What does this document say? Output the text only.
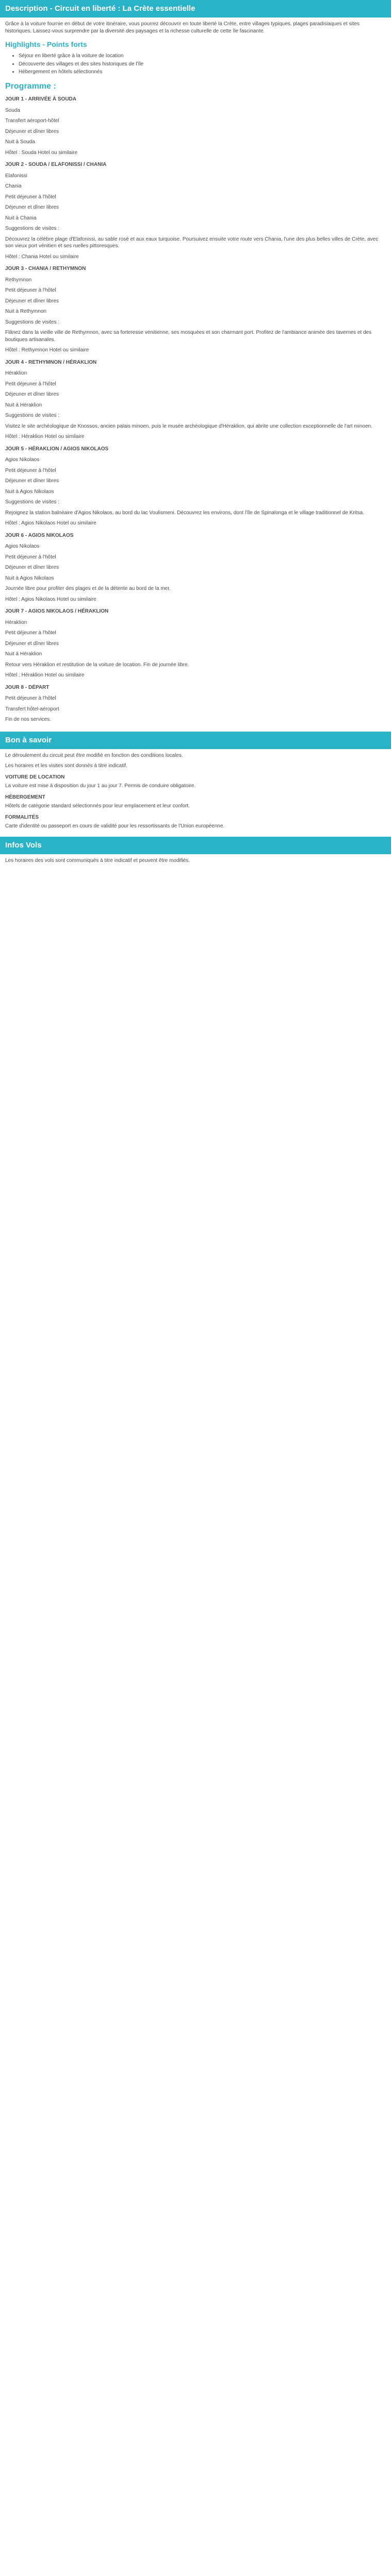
Description - Circuit en liberté : La Crète essentielle

Grâce à la voiture fournie en début de votre itinéraire, vous pourrez découvrir en toute liberté la Crète, entre villages typiques, plages paradisiaques et sites historiques. Laissez-vous surprendre par la diversité des paysages et la richesse culturelle de cette île fascinante.

Highlights - Points forts
• Séjour en liberté grâce à la voiture de location
• Découverte des villages et des sites historiques de l'île
• Hébergement en hôtels sélectionnés
Programme :
JOUR 1 - ARRIVÉE À SOUDA

Souda

Transfert aéroport-hôtel

Déjeuner et dîner libres

Nuit à Souda

Hôtel : Souda Hotel ou similaire

JOUR 2 - SOUDA / ELAFONISSI / CHANIA

Elafonissi

Chania

Petit déjeuner à l'hôtel

Déjeuner et dîner libres

Nuit à Chania

Suggestions de visites :

Découvrez la célèbre plage d'Elafonissi, au sable rosé et aux eaux turquoise. Poursuivez ensuite votre route vers Chania, l'une des plus belles villes de Crète, avec son vieux port vénitien et ses ruelles pittoresques.

Hôtel : Chania Hotel ou similaire

JOUR 3 - CHANIA / RETHYMNON

Rethymnon

Petit déjeuner à l'hôtel

Déjeuner et dîner libres

Nuit à Rethymnon

Suggestions de visites :

Flânez dans la vieille ville de Rethymnon, avec sa forteresse vénitienne, ses mosquées et son charmant port. Profitez de l'ambiance animée des tavernes et des boutiques artisanales.

Hôtel : Rethymnon Hotel ou similaire

JOUR 4 - RETHYMNON / HÉRAKLION

Héraklion

Petit déjeuner à l'hôtel

Déjeuner et dîner libres

Nuit à Héraklion

Suggestions de visites :

Visitez le site archéologique de Knossos, ancien palais minoen, puis le musée archéologique d'Héraklion, qui abrite une collection exceptionnelle de l'art minoen.

Hôtel : Héraklion Hotel ou similaire

JOUR 5 - HÉRAKLION / AGIOS NIKOLAOS

Agios Nikolaos

Petit déjeuner à l'hôtel

Déjeuner et dîner libres

Nuit à Agios Nikolaos

Suggestions de visites :

Rejoignez la station balnéaire d'Agios Nikolaos, au bord du lac Voulismeni. Découvrez les environs, dont l'île de Spinalonga et le village traditionnel de Kritsa.

Hôtel : Agios Nikolaos Hotel ou similaire

JOUR 6 - AGIOS NIKOLAOS

Agios Nikolaos

Petit déjeuner à l'hôtel

Déjeuner et dîner libres

Nuit à Agios Nikolaos

Journée libre pour profiter des plages et de la détente au bord de la mer.

Hôtel : Agios Nikolaos Hotel ou similaire

JOUR 7 - AGIOS NIKOLAOS / HÉRAKLION

Héraklion

Petit déjeuner à l'hôtel

Déjeuner et dîner libres

Nuit à Héraklion

Retour vers Héraklion et restitution de la voiture de location. Fin de journée libre.

Hôtel : Héraklion Hotel ou similaire

JOUR 8 - DÉPART

Petit déjeuner à l'hôtel

Transfert hôtel-aéroport

Fin de nos services.

Bon à savoir

Le déroulement du circuit peut être modifié en fonction des conditions locales.

Les horaires et les visites sont donnés à titre indicatif.

VOITURE DE LOCATION

La voiture est mise à disposition du jour 1 au jour 7. Permis de conduire obligatoire.

HÉBERGEMENT

Hôtels de catégorie standard sélectionnés pour leur emplacement et leur confort.

FORMALITÉS

Carte d'identité ou passeport en cours de validité pour les ressortissants de l'Union européenne.

Infos Vols

Les horaires des vols sont communiqués à titre indicatif et peuvent être modifiés.
